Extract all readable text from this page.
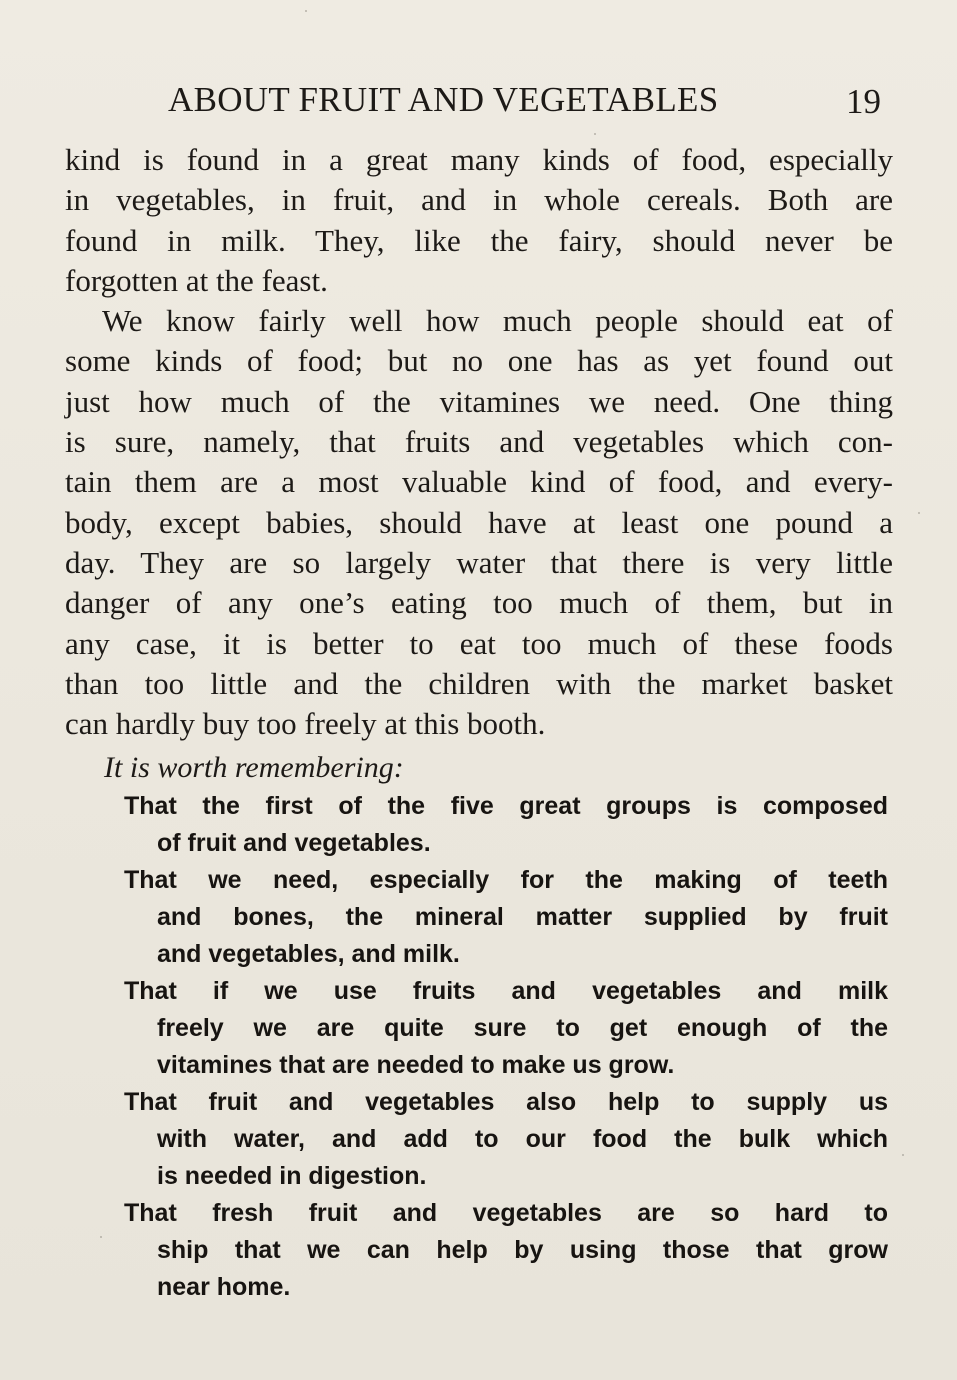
ABOUT FRUIT AND VEGETABLES	19
kind is found in a great many kinds of food, especially
in vegetables, in fruit, and in whole cereals. Both are
found in milk. They, like the fairy, should never be
forgotten at the feast.
We know fairly well how much people should eat of
some kinds of food; but no one has as yet found out
just how much of the vitamines we need. One thing
is sure, namely, that fruits and vegetables which con-
tain them are a most valuable kind of food, and every-
body, except babies, should have at least one pound a
day. They are so largely water that there is very little
danger of any one’s eating too much of them, but in
any case, it is better to eat too much of these foods
than too little and the children with the market basket
can hardly buy too freely at this booth.
It is worth remembering:
That the first of the five great groups is composed
of fruit and vegetables.
That we need, especially for the making of teeth
and bones, the mineral matter supplied by fruit
and vegetables, and milk.
That if we use fruits and vegetables and milk
freely we are quite sure to get enough of the
vitamines that are needed to make us grow.
That fruit and vegetables also help to supply us
with water, and add to our food the bulk which
is needed in digestion.
That fresh fruit and vegetables are so hard to
ship that we can help by using those that grow
near home.
